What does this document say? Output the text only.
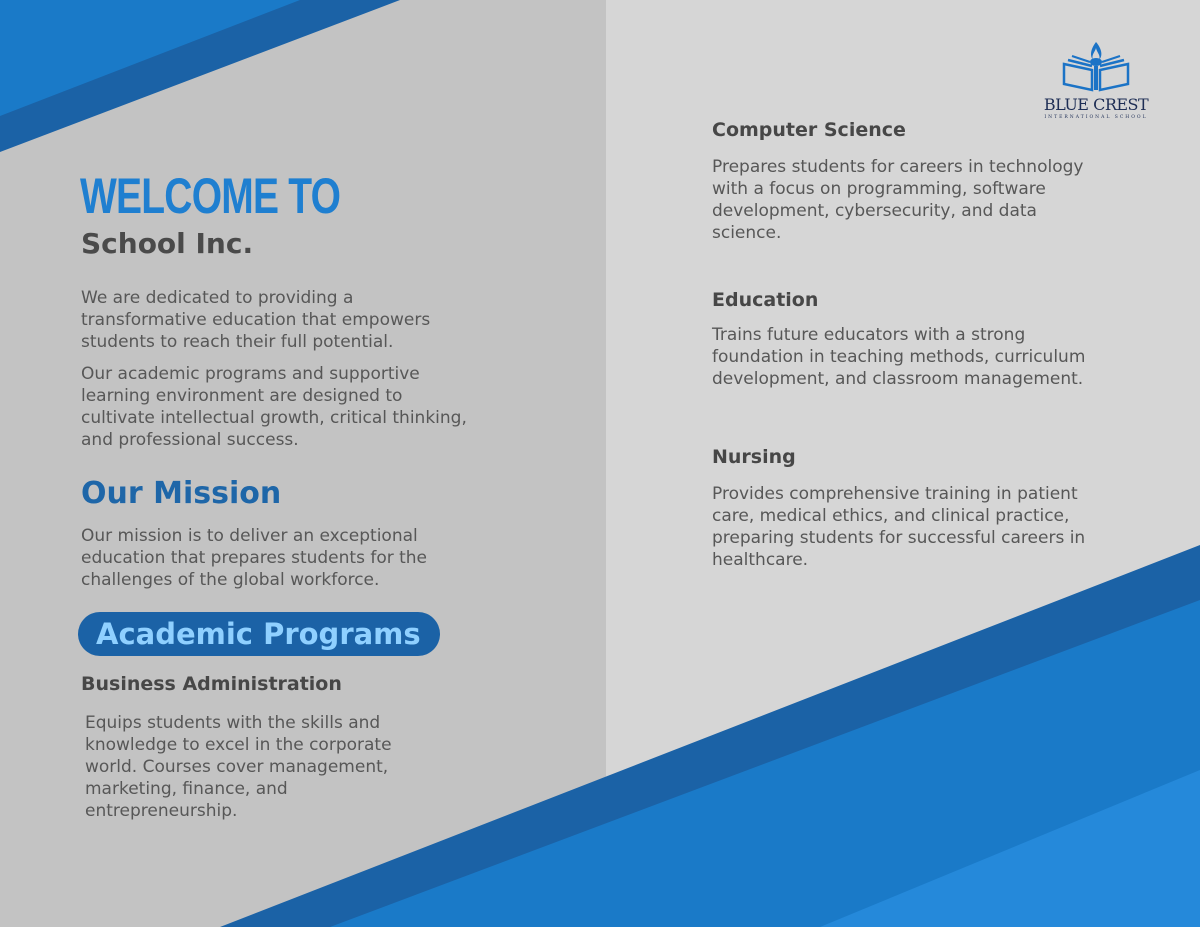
WELCOME TO
School Inc.

We are dedicated to providing a transformative education that empowers students to reach their full potential.

Our academic programs and supportive learning environment are designed to cultivate intellectual growth, critical thinking, and professional success.

Our Mission

Our mission is to deliver an exceptional education that prepares students for the challenges of the global workforce.

Academic Programs
Business Administration

Equips students with the skills and knowledge to excel in the corporate world. Courses cover management, marketing, finance, and entrepreneurship.

Computer Science

Prepares students for careers in technology with a focus on programming, software development, cybersecurity, and data science.

Education

Trains future educators with a strong foundation in teaching methods, curriculum development, and classroom management.

Nursing

Provides comprehensive training in patient care, medical ethics, and clinical practice, preparing students for successful careers in healthcare.

BLUE CREST
INTERNATIONAL SCHOOL
